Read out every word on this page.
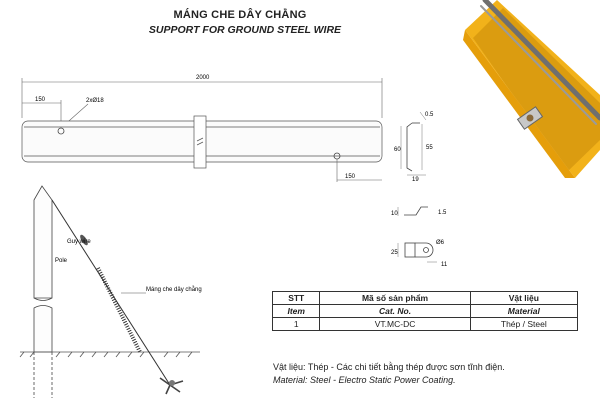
MÁNG CHE DÂY CHẰNG
SUPPORT FOR GROUND STEEL WIRE
2000
150	2xØ18
150
0.5
60	55
19
10	1.5
25
Ø6
11
Pole
Guy wire
Máng che dây chằng
STT	Mã số sản phẩm	Vật liệu
Item	Cat. No.	Material
1	VT.MC-DC	Thép / Steel
Vật liệu: Thép - Các chi tiết bằng thép được sơn tĩnh điện.
Material: Steel - Electro Static Power Coating.
